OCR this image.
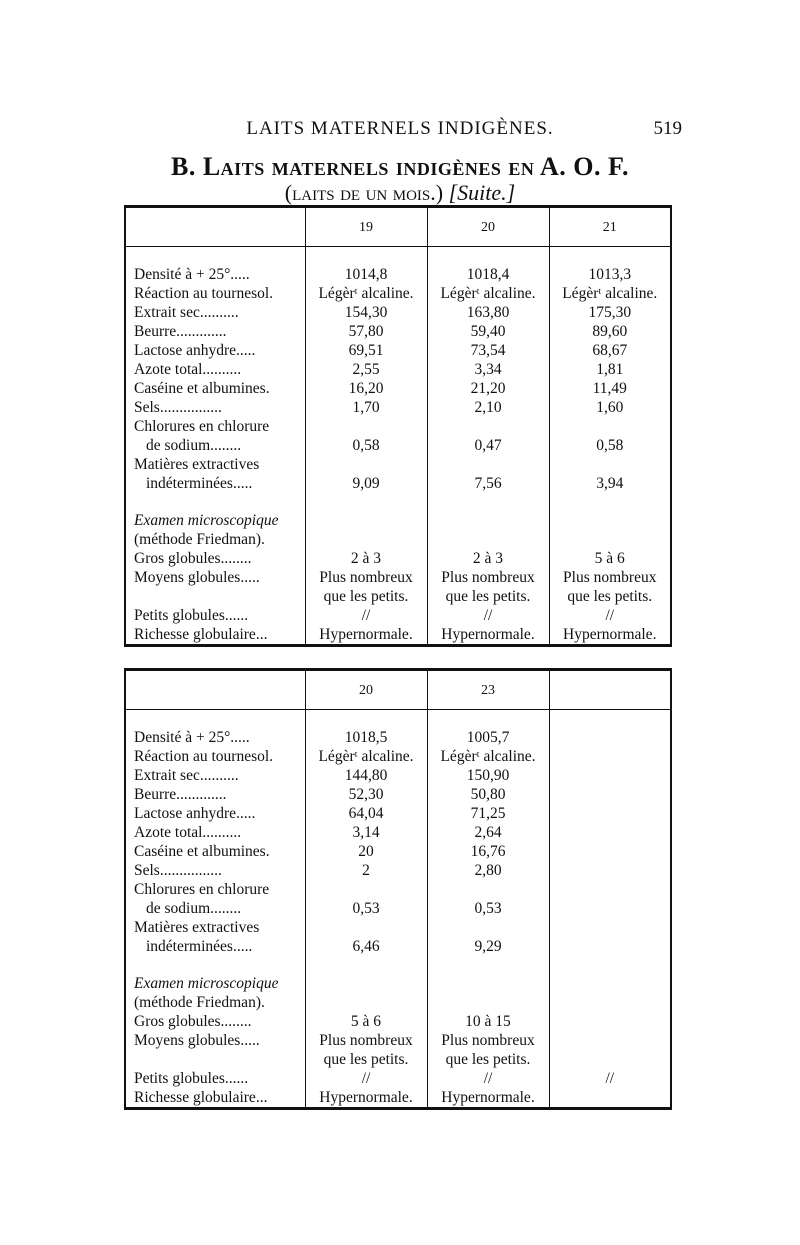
LAITS MATERNELS INDIGÈNES.	519
B. Laits maternels indigènes en A. O. F.
(laits de un mois.) [Suite.]
	19	20	21

Densité à + 25°.....	1014,8	1018,4	1013,3
Réaction au tournesol.	Légèrᵗ alcaline.	Légèrᵗ alcaline.	Légèrᵗ alcaline.
Extrait sec..........	154,30	163,80	175,30
Beurre.............	57,80	59,40	89,60
Lactose anhydre.....	69,51	73,54	68,67
Azote total..........	2,55	3,34	1,81
Caséine et albumines.	16,20	21,20	11,49
Sels................	1,70	2,10	1,60
Chlorures en chlorure			
de sodium........	0,58	0,47	0,58
Matières extractives			
indéterminées.....	9,09	7,56	3,94

Examen microscopique			
(méthode Friedman).			
Gros globules........	2 à 3	2 à 3	5 à 6
Moyens globules.....	Plus nombreux	Plus nombreux	Plus nombreux
	que les petits.	que les petits.	que les petits.
Petits globules......	//	//	//
Richesse globulaire...	Hypernormale.	Hypernormale.	Hypernormale.
	20	23	

Densité à + 25°.....	1018,5	1005,7	
Réaction au tournesol.	Légèrᵗ alcaline.	Légèrᵗ alcaline.	
Extrait sec..........	144,80	150,90	
Beurre.............	52,30	50,80	
Lactose anhydre.....	64,04	71,25	
Azote total..........	3,14	2,64	
Caséine et albumines.	20	16,76	
Sels................	2	2,80	
Chlorures en chlorure			
de sodium........	0,53	0,53	
Matières extractives			
indéterminées.....	6,46	9,29	

Examen microscopique			
(méthode Friedman).			
Gros globules........	5 à 6	10 à 15	
Moyens globules.....	Plus nombreux	Plus nombreux	
	que les petits.	que les petits.	
Petits globules......	//	//	//
Richesse globulaire...	Hypernormale.	Hypernormale.	
